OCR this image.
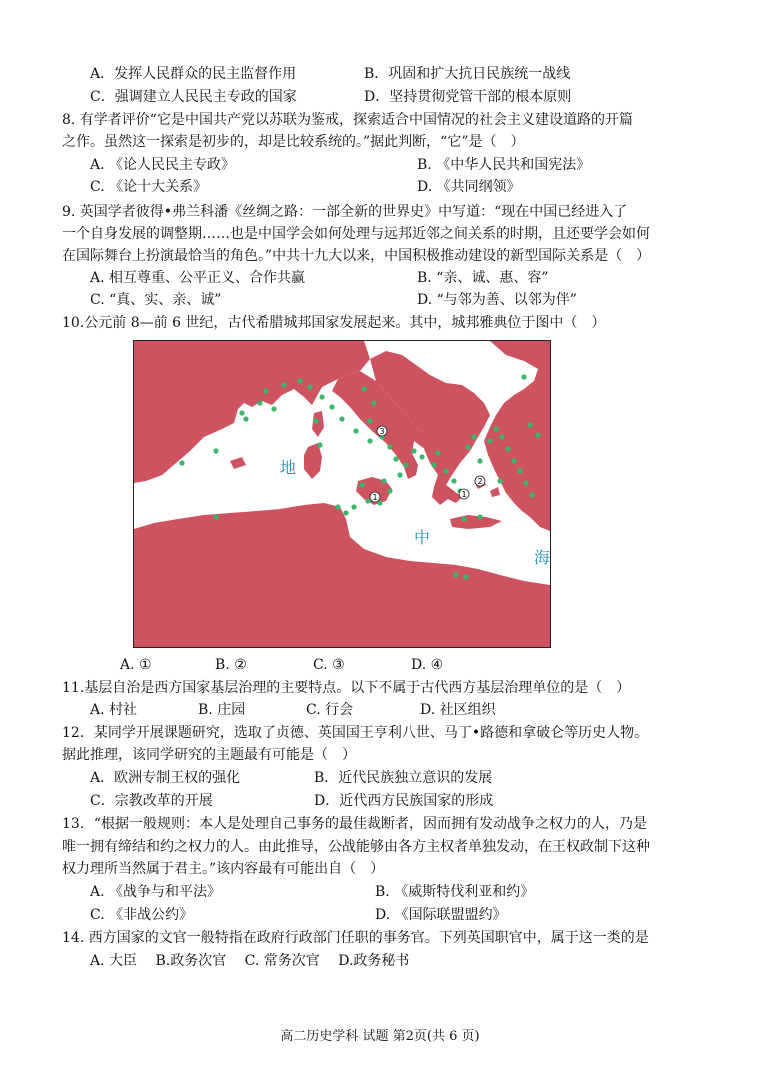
A．发挥人民群众的民主监督作用	B．巩固和扩大抗日民族统一战线
C．强调建立人民民主专政的国家	D．坚持贯彻党管干部的根本原则
8. 有学者评价“它是中国共产党以苏联为鉴戒，探索适合中国情况的社会主义建设道路的开篇
之作。虽然这一探索是初步的，却是比较系统的。”据此判断，“它”是（　）
A. 《论人民民主专政》	B. 《中华人民共和国宪法》
C. 《论十大关系》	D. 《共同纲领》
9. 英国学者彼得•弗兰科潘《丝绸之路：一部全新的世界史》中写道：“现在中国已经进入了
一个自身发展的调整期……也是中国学会如何处理与远邦近邻之间关系的时期，且还要学会如何
在国际舞台上扮演最恰当的角色。”中共十九大以来，中国积极推动建设的新型国际关系是（　）
A. 相互尊重、公平正义、合作共赢	B. “亲、诚、惠、容”
C. “真、实、亲、诚”	D. “与邻为善、以邻为伴”
10.公元前 8—前 6 世纪，古代希腊城邦国家发展起来。其中，城邦雅典位于图中（　）
地
中
海
1
2
1
3
A. ①	B. ②	C. ③	D. ④
11.基层自治是西方国家基层治理的主要特点。以下不属于古代西方基层治理单位的是（　）
A. 村社	B. 庄园	C. 行会	D. 社区组织
12．某同学开展课题研究，选取了贞德、英国国王亨利八世、马丁•路德和拿破仑等历史人物。
据此推理，该同学研究的主题最有可能是（　）
A．欧洲专制王权的强化	B．近代民族独立意识的发展
C．宗教改革的开展	D．近代西方民族国家的形成
13．“根据一般规则：本人是处理自己事务的最佳裁断者，因而拥有发动战争之权力的人，乃是
唯一拥有缔结和约之权力的人。由此推导，公战能够由各方主权者单独发动，在王权政制下这种
权力理所当然属于君主。”该内容最有可能出自（　）
A. 《战争与和平法》	B. 《威斯特伐利亚和约》
C. 《非战公约》	D. 《国际联盟盟约》
14. 西方国家的文官一般特指在政府行政部门任职的事务官。下列英国职官中，属于这一类的是
A. 大臣　 B.政务次官　 C. 常务次官　 D.政务秘书
高二历史学科 试题 第2页(共 6 页)
